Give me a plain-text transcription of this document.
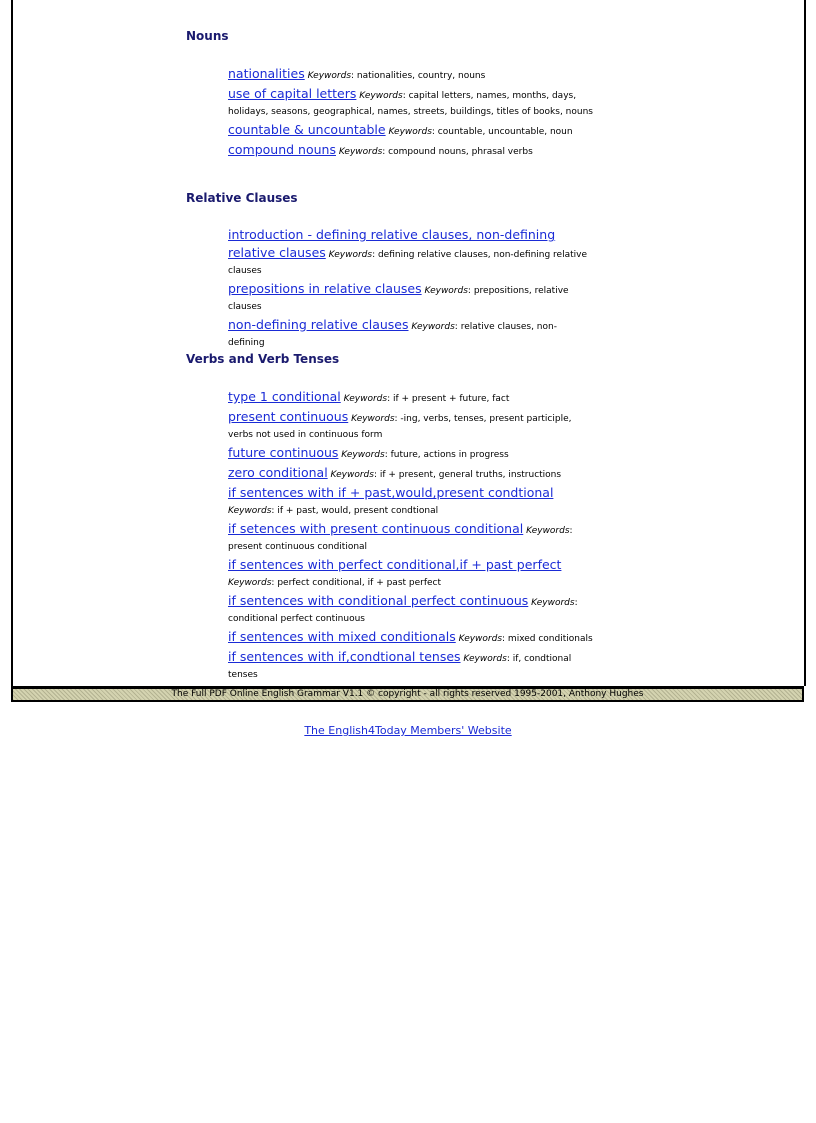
Nouns
nationalities Keywords: nationalities, country, nouns
use of capital letters Keywords: capital letters, names, months, days, holidays, seasons, geographical, names, streets, buildings, titles of books, nouns
countable & uncountable Keywords: countable, uncountable, noun
compound nouns Keywords: compound nouns, phrasal verbs
Relative Clauses
introduction - defining relative clauses, non-defining relative clauses Keywords: defining relative clauses, non-defining relative clauses
prepositions in relative clauses Keywords: prepositions, relative clauses
non-defining relative clauses Keywords: relative clauses, non-defining
Verbs and Verb Tenses
type 1 conditional Keywords: if + present + future, fact
present continuous Keywords: -ing, verbs, tenses, present participle, verbs not used in continuous form
future continuous Keywords: future, actions in progress
zero conditional Keywords: if + present, general truths, instructions
if sentences with if + past,would,present condtional Keywords: if + past, would, present condtional
if setences with present continuous conditional Keywords: present continuous conditional
if sentences with perfect conditional,if + past perfect Keywords: perfect conditional, if + past perfect
if sentences with conditional perfect continuous Keywords: conditional perfect continuous
if sentences with mixed conditionals Keywords: mixed conditionals
if sentences with if,condtional tenses Keywords: if, condtional tenses
The Full PDF Online English Grammar V1.1 © copyright - all rights reserved 1995-2001, Anthony Hughes
The English4Today Members' Website
